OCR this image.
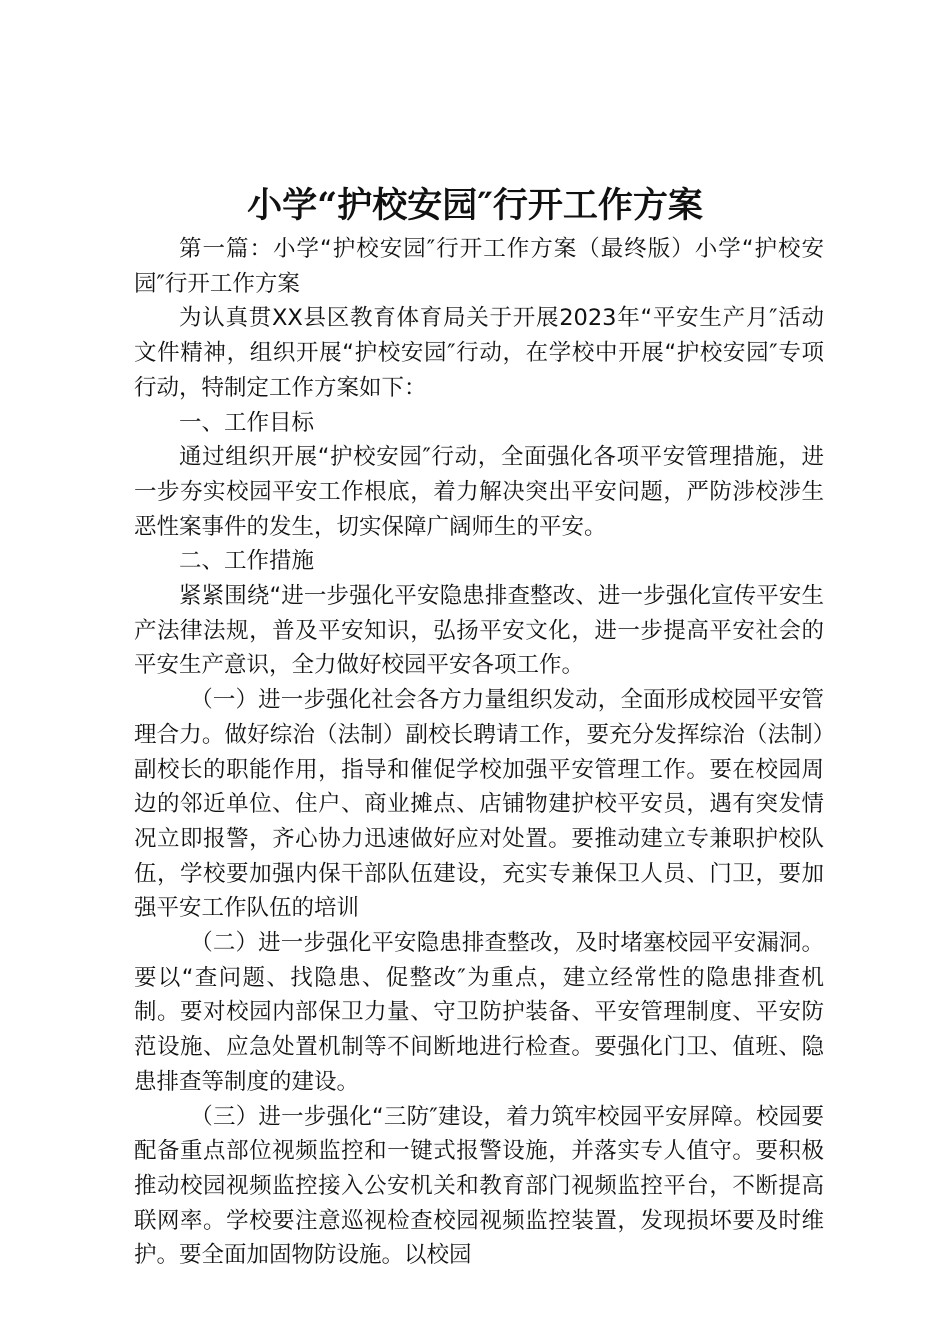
小学“护校安园″行开工作方案

第一篇：小学“护校安园″行开工作方案（最终版）小学“护校安园″行开工作方案

为认真贯XX县区教育体育局关于开展2023年“平安生产月″活动文件精神，组织开展“护校安园″行动，在学校中开展“护校安园″专项行动，特制定工作方案如下：

一、工作目标

通过组织开展“护校安园″行动，全面强化各项平安管理措施，进一步夯实校园平安工作根底，着力解决突出平安问题，严防涉校涉生恶性案事件的发生，切实保障广阔师生的平安。

二、工作措施

紧紧围绕“进一步强化平安隐患排查整改、进一步强化宣传平安生产法律法规，普及平安知识，弘扬平安文化，进一步提高平安社会的平安生产意识，全力做好校园平安各项工作。

（一）进一步强化社会各方力量组织发动，全面形成校园平安管理合力。做好综治（法制）副校长聘请工作，要充分发挥综治（法制）副校长的职能作用，指导和催促学校加强平安管理工作。要在校园周边的邻近单位、住户、商业摊点、店铺物建护校平安员，遇有突发情况立即报警，齐心协力迅速做好应对处置。要推动建立专兼职护校队伍，学校要加强内保干部队伍建设，充实专兼保卫人员、门卫，要加强平安工作队伍的培训

（二）进一步强化平安隐患排查整改，及时堵塞校园平安漏洞。要以“查问题、找隐患、促整改″为重点，建立经常性的隐患排查机制。要对校园内部保卫力量、守卫防护装备、平安管理制度、平安防范设施、应急处置机制等不间断地进行检查。要强化门卫、值班、隐患排查等制度的建设。

（三）进一步强化“三防″建设，着力筑牢校园平安屏障。校园要配备重点部位视频监控和一键式报警设施，并落实专人值守。要积极推动校园视频监控接入公安机关和教育部门视频监控平台，不断提高联网率。学校要注意巡视检查校园视频监控装置，发现损坏要及时维护。要全面加固物防设施。以校园
